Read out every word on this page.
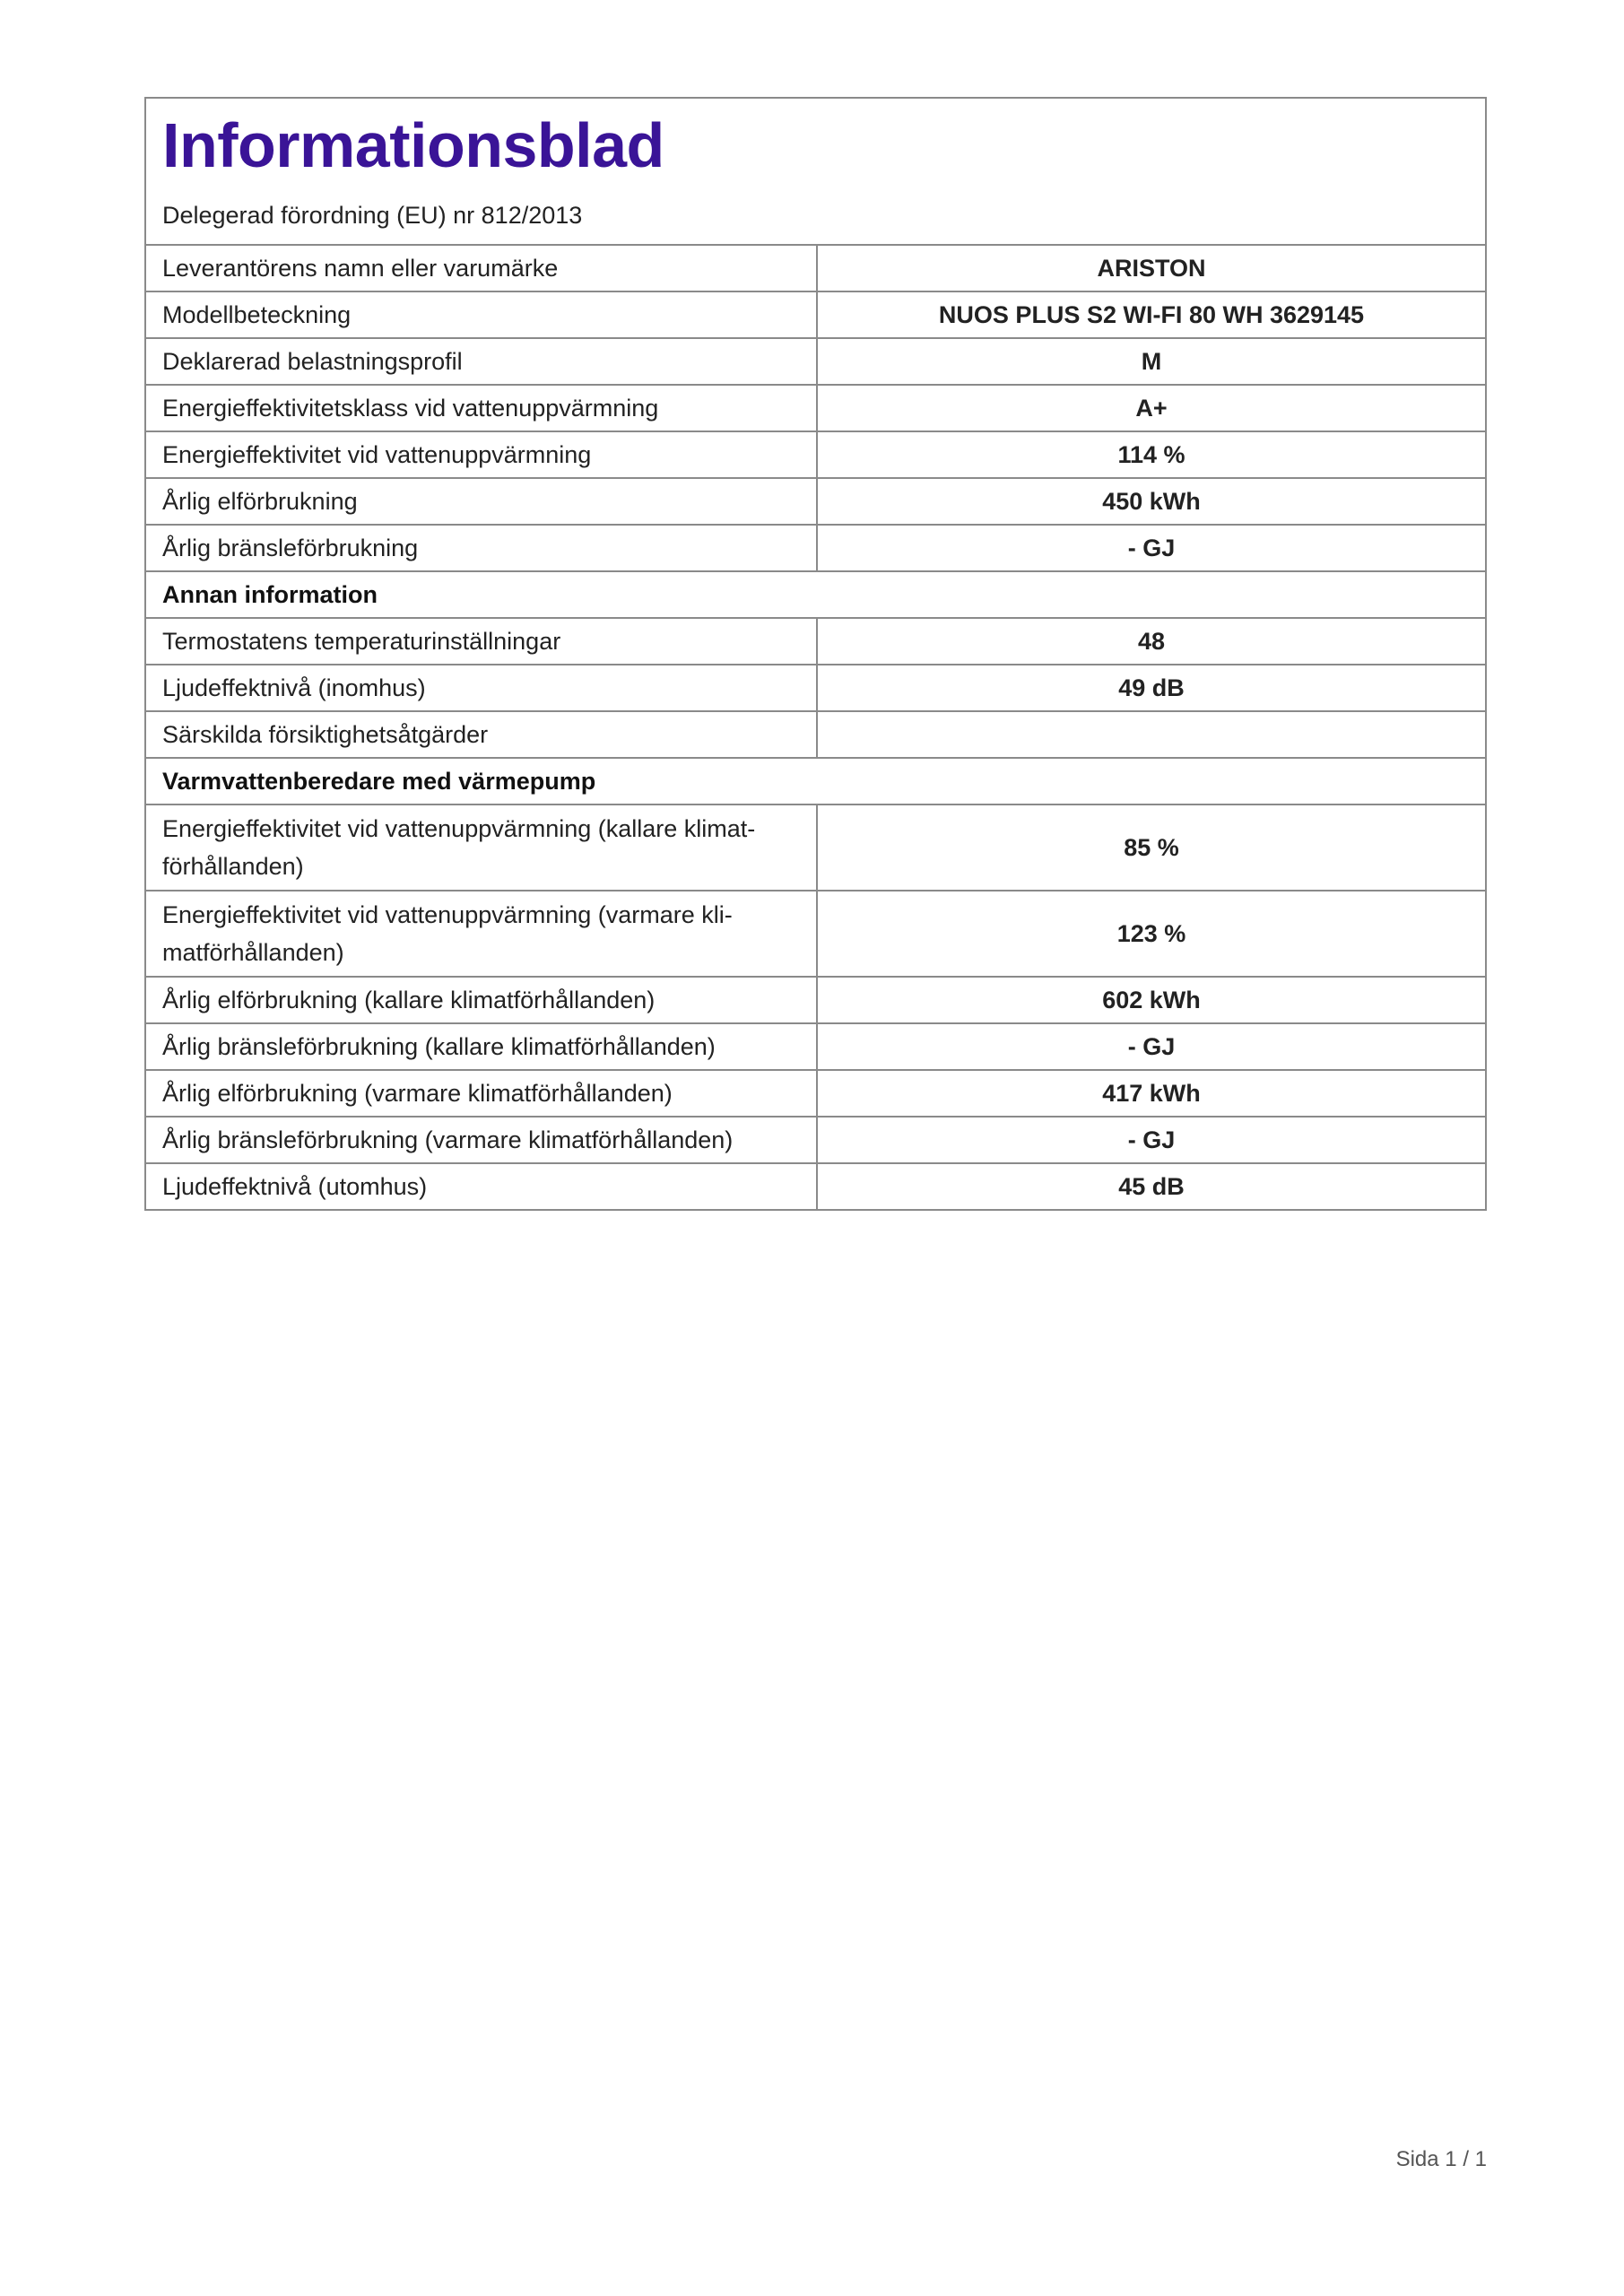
Informationsblad
Delegerad förordning (EU) nr 812/2013
Leverantörens namn eller varumärke	ARISTON
Modellbeteckning	NUOS PLUS S2 WI-FI 80 WH 3629145
Deklarerad belastningsprofil	M
Energieffektivitetsklass vid vattenuppvärmning	A+
Energieffektivitet vid vattenuppvärmning	114 %
Årlig elförbrukning	450 kWh
Årlig bränsleförbrukning	- GJ
Annan information	
Termostatens temperaturinställningar	48
Ljudeffektnivå (inomhus)	49 dB
Särskilda försiktighetsåtgärder	
Varmvattenberedare med värmepump	
Energieffektivitet vid vattenuppvärmning (kallare klimat-förhållanden)	85 %
Energieffektivitet vid vattenuppvärmning (varmare kli-matförhållanden)	123 %
Årlig elförbrukning (kallare klimatförhållanden)	602 kWh
Årlig bränsleförbrukning (kallare klimatförhållanden)	- GJ
Årlig elförbrukning (varmare klimatförhållanden)	417 kWh
Årlig bränsleförbrukning (varmare klimatförhållanden)	- GJ
Ljudeffektnivå (utomhus)	45 dB
Sida 1 / 1
